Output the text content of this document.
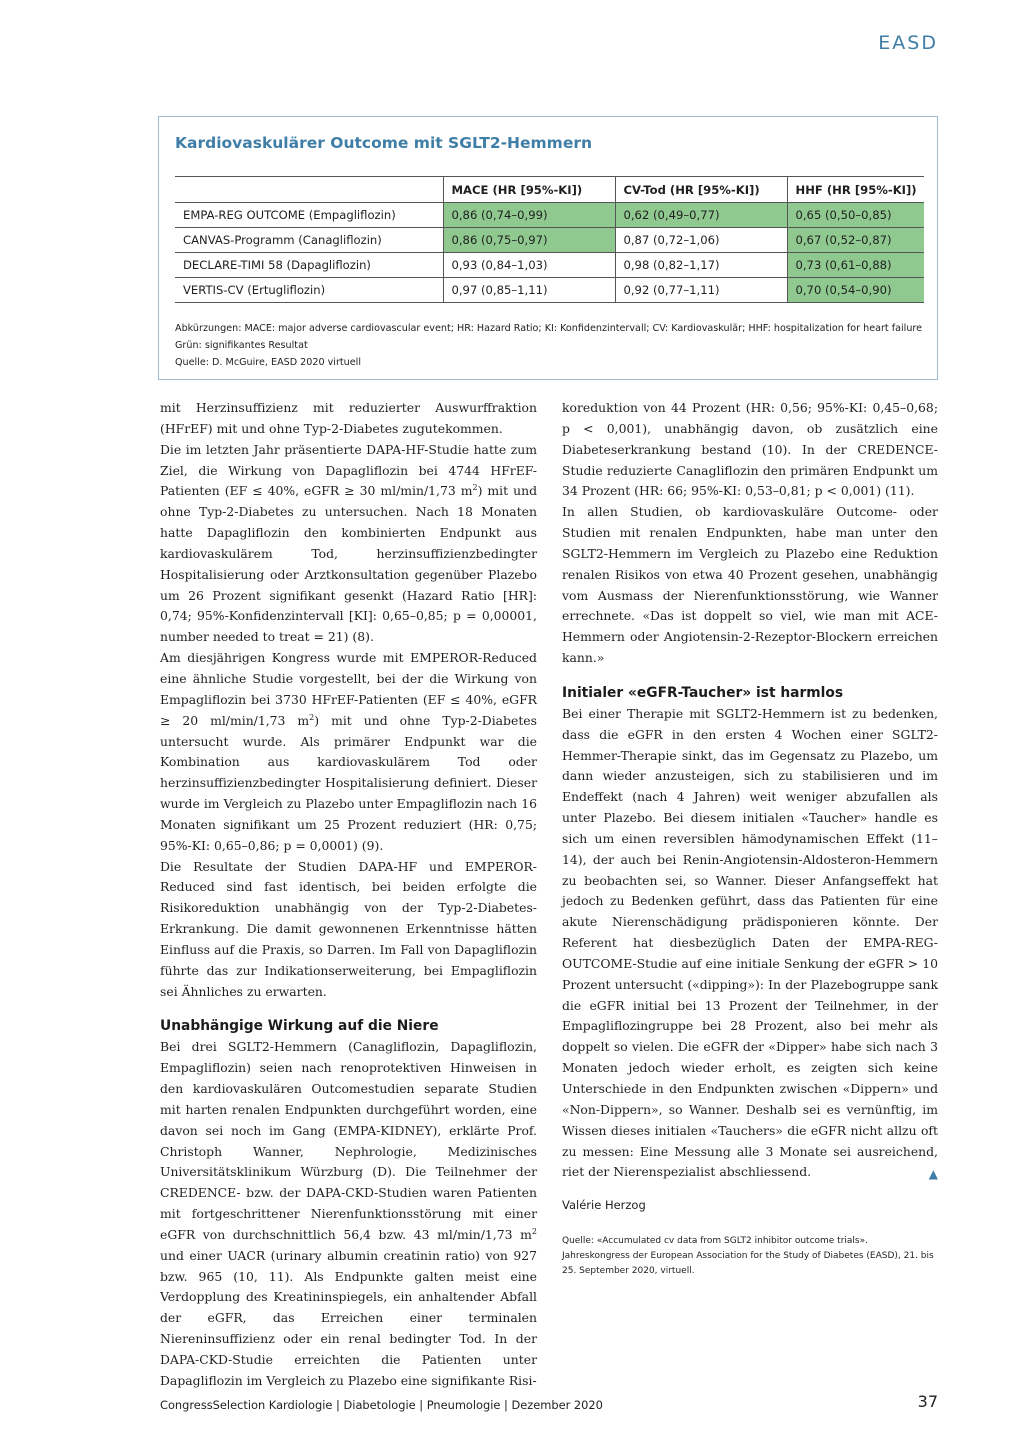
EASD
Kardiovaskulärer Outcome mit SGLT2-Hemmern
	MACE (HR [95%-KI])	CV-Tod (HR [95%-KI])	HHF (HR [95%-KI])
EMPA-REG OUTCOME (Empagliflozin)	0,86 (0,74–0,99)	0,62 (0,49–0,77)	0,65 (0,50–0,85)
CANVAS-Programm (Canagliflozin)	0,86 (0,75–0,97)	0,87 (0,72–1,06)	0,67 (0,52–0,87)
DECLARE-TIMI 58 (Dapagliflozin)	0,93 (0,84–1,03)	0,98 (0,82–1,17)	0,73 (0,61–0,88)
VERTIS-CV (Ertugliflozin)	0,97 (0,85–1,11)	0,92 (0,77–1,11)	0,70 (0,54–0,90)
Abkürzungen: MACE: major adverse cardiovascular event; HR: Hazard Ratio; KI: Konfidenzintervall; CV: Kardiovaskulär; HHF: hospitalization for heart failure
Grün: signifikantes Resultat
Quelle: D. McGuire, EASD 2020 virtuell

mit Herzinsuffizienz mit reduzierter Auswurffraktion (HFrEF) mit und ohne Typ-2-Diabetes zugutekommen.

Die im letzten Jahr präsentierte DAPA-HF-Studie hatte zum Ziel, die Wirkung von Dapagliflozin bei 4744 HFrEF-Patienten (EF ≤ 40%, eGFR ≥ 30 ml/min/1,73 $m^2$) mit und ohne Typ-2-Diabetes zu untersuchen. Nach 18 Monaten hatte Dapagliflozin den kombinierten Endpunkt aus kardiovaskulärem Tod, herzinsuffizienzbedingter Hospitalisierung oder Arztkonsultation gegenüber Plazebo um 26 Prozent signifikant gesenkt (Hazard Ratio [HR]: 0,74; 95%-Konfidenzintervall [KI]: 0,65–0,85; p = 0,00001, number needed to treat = 21) (8).

Am diesjährigen Kongress wurde mit EMPEROR-Reduced eine ähnliche Studie vorgestellt, bei der die Wirkung von Empagliflozin bei 3730 HFrEF-Patienten (EF ≤ 40%, eGFR ≥ 20 ml/min/1,73 $m^2$) mit und ohne Typ-2-Diabetes untersucht wurde. Als primärer Endpunkt war die Kombination aus kardiovaskulärem Tod oder herzinsuffizienzbedingter Hospitalisierung definiert. Dieser wurde im Vergleich zu Plazebo unter Empagliflozin nach 16 Monaten signifikant um 25 Prozent reduziert (HR: 0,75; 95%-KI: 0,65–0,86; p = 0,0001) (9).

Die Resultate der Studien DAPA-HF und EMPEROR-Reduced sind fast identisch, bei beiden erfolgte die Risikoreduktion unabhängig von der Typ-2-Diabetes-Erkrankung. Die damit gewonnenen Erkenntnisse hätten Einfluss auf die Praxis, so Darren. Im Fall von Dapagliflozin führte das zur Indikationserweiterung, bei Empagliflozin sei Ähnliches zu erwarten.

Unabhängige Wirkung auf die Niere

Bei drei SGLT2-Hemmern (Canagliflozin, Dapagliflozin, Empagliflozin) seien nach renoprotektiven Hinweisen in den kardiovaskulären Outcomestudien separate Studien mit harten renalen Endpunkten durchgeführt worden, eine davon sei noch im Gang (EMPA-KIDNEY), erklärte Prof. Christoph Wanner, Nephrologie, Medizinisches Universitätsklinikum Würzburg (D). Die Teilnehmer der CREDENCE- bzw. der DAPA-CKD-Studien waren Patienten mit fortgeschrittener Nierenfunktionsstörung mit einer eGFR von durchschnittlich 56,4 bzw. 43 ml/min/1,73 $m^2$ und einer UACR (urinary albumin creatinin ratio) von 927 bzw. 965 (10, 11). Als Endpunkte galten meist eine Verdopplung des Kreatininspiegels, ein anhaltender Abfall der eGFR, das Erreichen einer terminalen Niereninsuffizienz oder ein renal bedingter Tod. In der DAPA-CKD-Studie erreichten die Patienten unter Dapagliflozin im Vergleich zu Plazebo eine signifikante Risi-

koreduktion von 44 Prozent (HR: 0,56; 95%-KI: 0,45–0,68; p < 0,001), unabhängig davon, ob zusätzlich eine Diabeteserkrankung bestand (10). In der CREDENCE-Studie reduzierte Canagliflozin den primären Endpunkt um 34 Prozent (HR: 66; 95%-KI: 0,53–0,81; p < 0,001) (11).

In allen Studien, ob kardiovaskuläre Outcome- oder Studien mit renalen Endpunkten, habe man unter den SGLT2-Hemmern im Vergleich zu Plazebo eine Reduktion renalen Risikos von etwa 40 Prozent gesehen, unabhängig vom Ausmass der Nierenfunktionsstörung, wie Wanner errechnete. «Das ist doppelt so viel, wie man mit ACE-Hemmern oder Angiotensin-2-Rezeptor-Blockern erreichen kann.»

Initialer «eGFR-Taucher» ist harmlos

Bei einer Therapie mit SGLT2-Hemmern ist zu bedenken, dass die eGFR in den ersten 4 Wochen einer SGLT2-Hemmer-Therapie sinkt, das im Gegensatz zu Plazebo, um dann wieder anzusteigen, sich zu stabilisieren und im Endeffekt (nach 4 Jahren) weit weniger abzufallen als unter Plazebo. Bei diesem initialen «Taucher» handle es sich um einen reversiblen hämodynamischen Effekt (11–14), der auch bei Renin-Angiotensin-Aldosteron-Hemmern zu beobachten sei, so Wanner. Dieser Anfangseffekt hat jedoch zu Bedenken geführt, dass das Patienten für eine akute Nierenschädigung prädisponieren könnte. Der Referent hat diesbezüglich Daten der EMPA-REG-OUTCOME-Studie auf eine initiale Senkung der eGFR > 10 Prozent untersucht («dipping»): In der Plazebogruppe sank die eGFR initial bei 13 Prozent der Teilnehmer, in der Empagliflozingruppe bei 28 Prozent, also bei mehr als doppelt so vielen. Die eGFR der «Dipper» habe sich nach 3 Monaten jedoch wieder erholt, es zeigten sich keine Unterschiede in den Endpunkten zwischen «Dippern» und «Non-Dippern», so Wanner. Deshalb sei es vernünftig, im Wissen dieses initialen «Tauchers» die eGFR nicht allzu oft zu messen: Eine Messung alle 3 Monate sei ausreichend, riet der Nierenspezialist abschliessend.	▲

Valérie Herzog
Quelle: «Accumulated cv data from SGLT2 inhibitor outcome trials». Jahreskongress der European Association for the Study of Diabetes (EASD), 21. bis 25. September 2020, virtuell.
CongressSelection Kardiologie | Diabetologie | Pneumologie | Dezember 2020	37
